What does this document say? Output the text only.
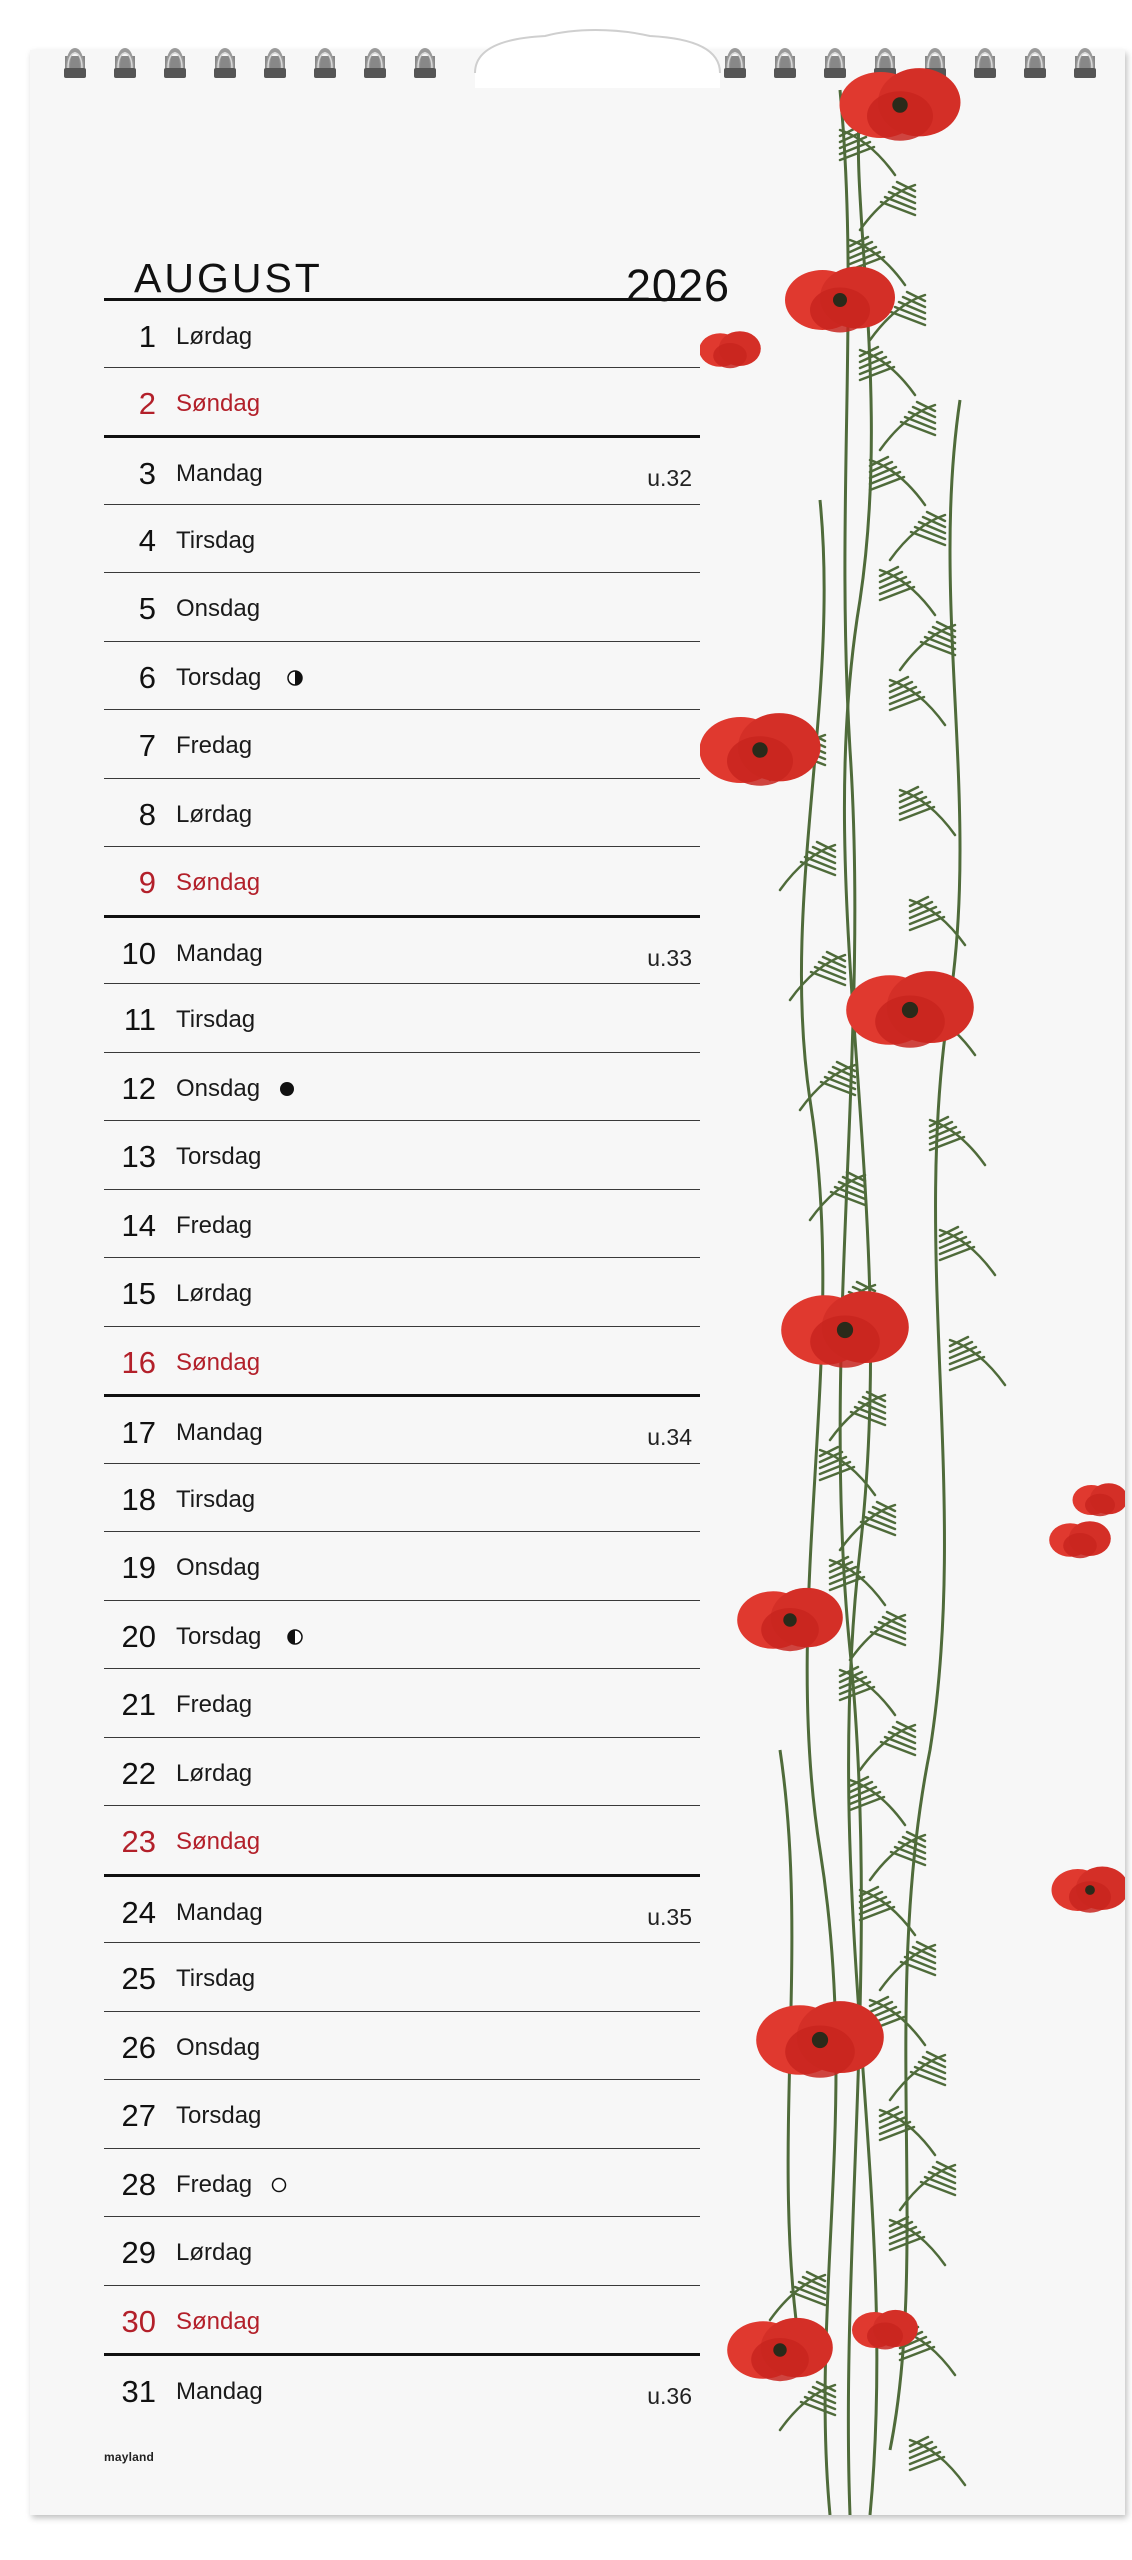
AUGUST	2026
1 Lørdag
2 Søndag
3 Mandag	u.32
4 Tirsdag
5 Onsdag
6 Torsdag
7 Fredag
8 Lørdag
9 Søndag
10 Mandag	u.33
11 Tirsdag
12 Onsdag
13 Torsdag
14 Fredag
15 Lørdag
16 Søndag
17 Mandag	u.34
18 Tirsdag
19 Onsdag
20 Torsdag
21 Fredag
22 Lørdag
23 Søndag
24 Mandag	u.35
25 Tirsdag
26 Onsdag
27 Torsdag
28 Fredag
29 Lørdag
30 Søndag
31 Mandag	u.36
mayland
